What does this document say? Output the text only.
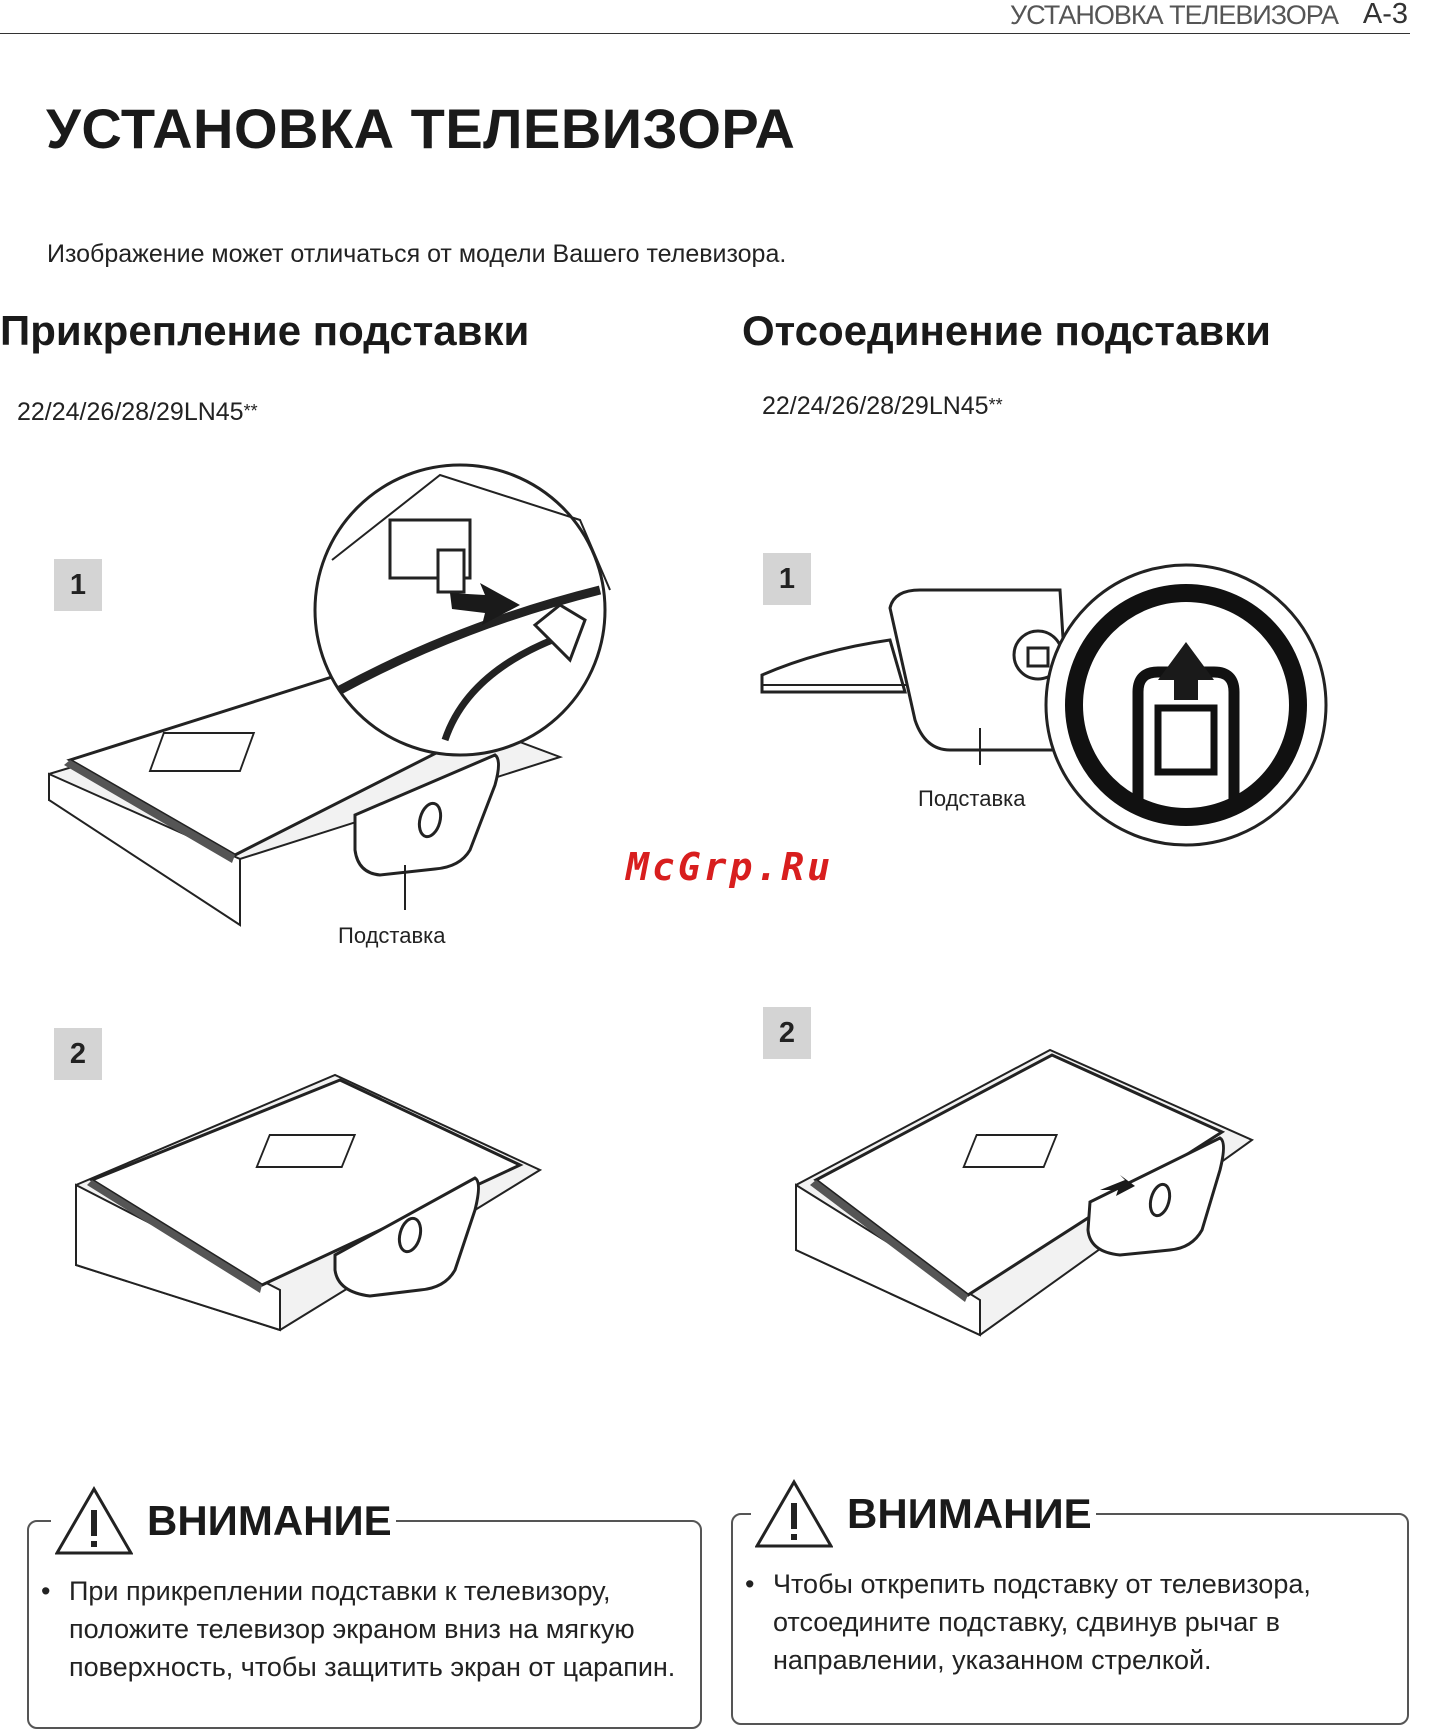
УСТАНОВКА ТЕЛЕВИЗОРА A-3
УСТАНОВКА ТЕЛЕВИЗОРА
Изображение может отличаться от модели Вашего телевизора.
Прикрепление подставки	Отсоединение подставки
22/24/26/28/29LN45**	22/24/26/28/29LN45**
1
2
1
2
Подставка
Подставка
McGrp.Ru
ВНИМАНИЕ
• При прикреплении подставки к телевизору, положите телевизор экраном вниз на мягкую поверхность, чтобы защитить экран от царапин.
ВНИМАНИЕ
• Чтобы открепить подставку от телевизора, отсоедините подставку, сдвинув рычаг в направлении, указанном стрелкой.
